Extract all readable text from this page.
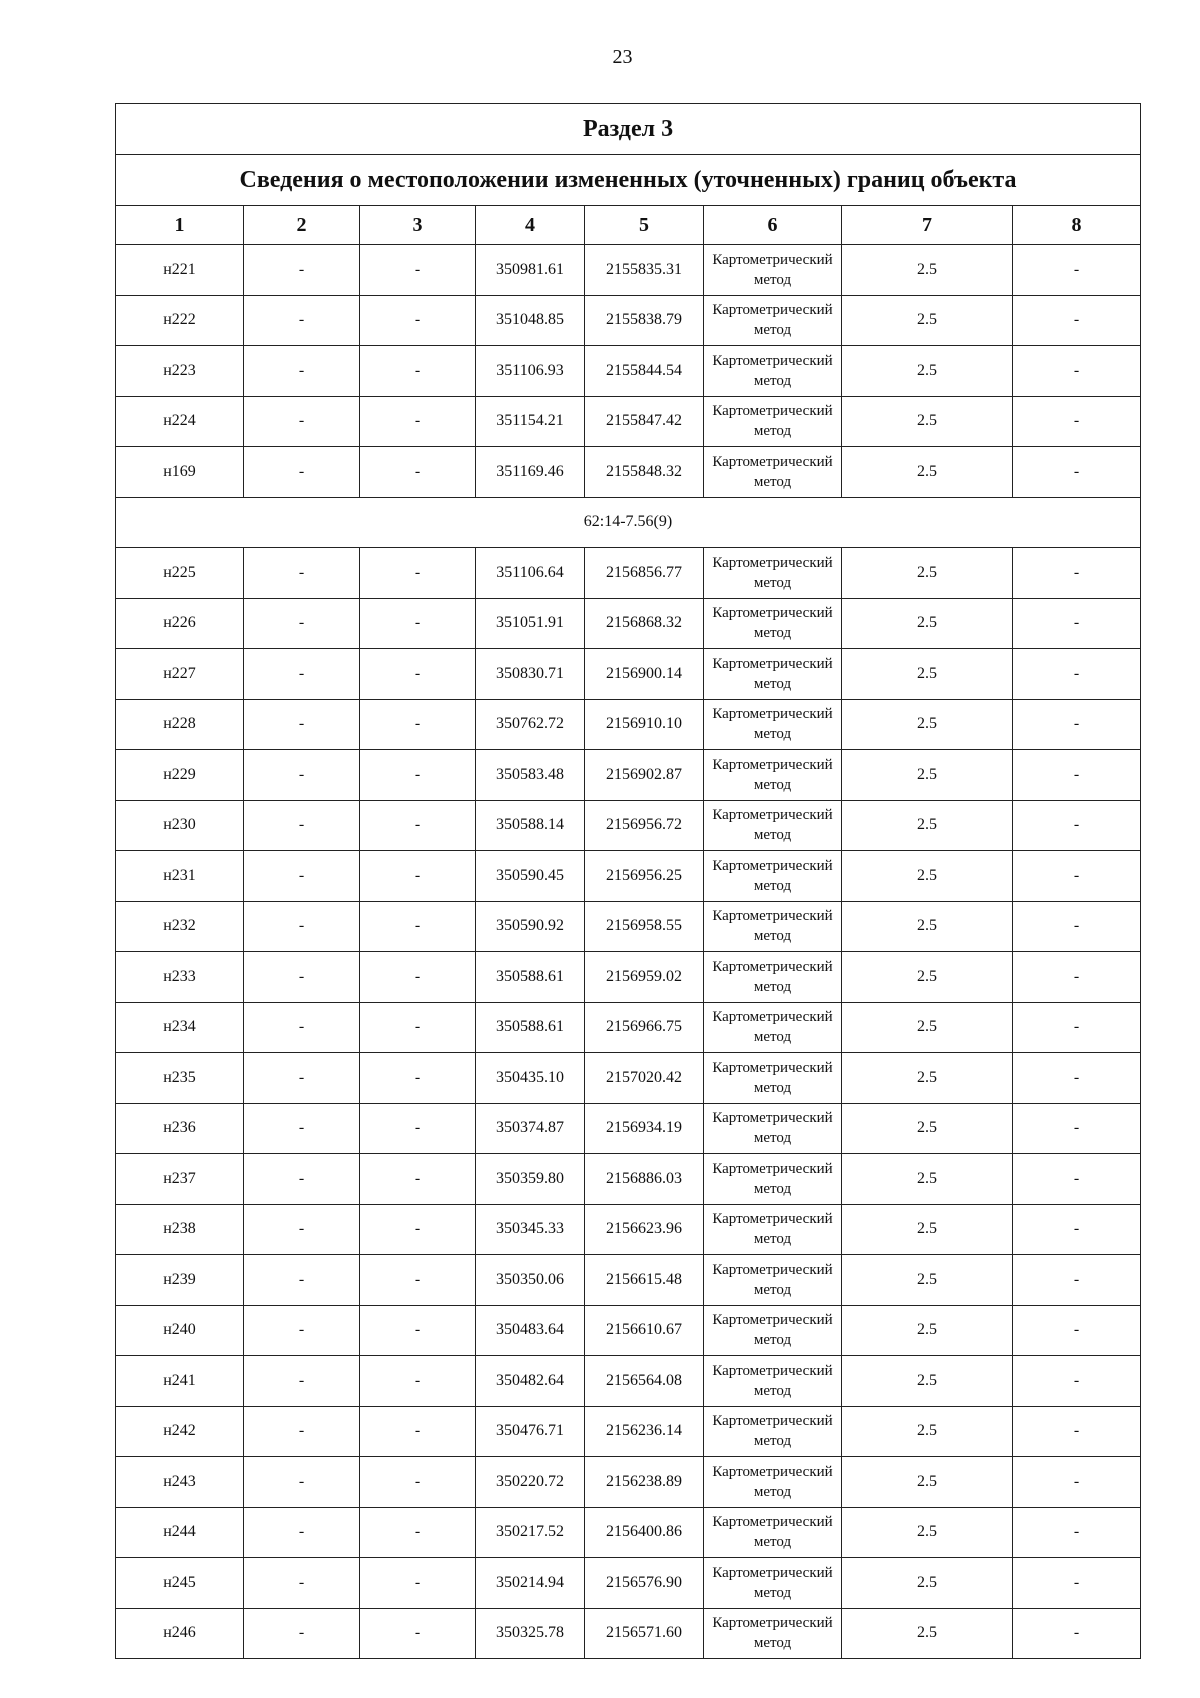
23
Раздел 3							
Сведения о местоположении измененных (уточненных) границ объекта							
1	2	3	4	5	6	7	8
н221	-	-	350981.61	2155835.31	Картометрический метод	2.5	-
н222	-	-	351048.85	2155838.79	Картометрический метод	2.5	-
н223	-	-	351106.93	2155844.54	Картометрический метод	2.5	-
н224	-	-	351154.21	2155847.42	Картометрический метод	2.5	-
н169	-	-	351169.46	2155848.32	Картометрический метод	2.5	-
62:14-7.56(9)							
н225	-	-	351106.64	2156856.77	Картометрический метод	2.5	-
н226	-	-	351051.91	2156868.32	Картометрический метод	2.5	-
н227	-	-	350830.71	2156900.14	Картометрический метод	2.5	-
н228	-	-	350762.72	2156910.10	Картометрический метод	2.5	-
н229	-	-	350583.48	2156902.87	Картометрический метод	2.5	-
н230	-	-	350588.14	2156956.72	Картометрический метод	2.5	-
н231	-	-	350590.45	2156956.25	Картометрический метод	2.5	-
н232	-	-	350590.92	2156958.55	Картометрический метод	2.5	-
н233	-	-	350588.61	2156959.02	Картометрический метод	2.5	-
н234	-	-	350588.61	2156966.75	Картометрический метод	2.5	-
н235	-	-	350435.10	2157020.42	Картометрический метод	2.5	-
н236	-	-	350374.87	2156934.19	Картометрический метод	2.5	-
н237	-	-	350359.80	2156886.03	Картометрический метод	2.5	-
н238	-	-	350345.33	2156623.96	Картометрический метод	2.5	-
н239	-	-	350350.06	2156615.48	Картометрический метод	2.5	-
н240	-	-	350483.64	2156610.67	Картометрический метод	2.5	-
н241	-	-	350482.64	2156564.08	Картометрический метод	2.5	-
н242	-	-	350476.71	2156236.14	Картометрический метод	2.5	-
н243	-	-	350220.72	2156238.89	Картометрический метод	2.5	-
н244	-	-	350217.52	2156400.86	Картометрический метод	2.5	-
н245	-	-	350214.94	2156576.90	Картометрический метод	2.5	-
н246	-	-	350325.78	2156571.60	Картометрический метод	2.5	-
